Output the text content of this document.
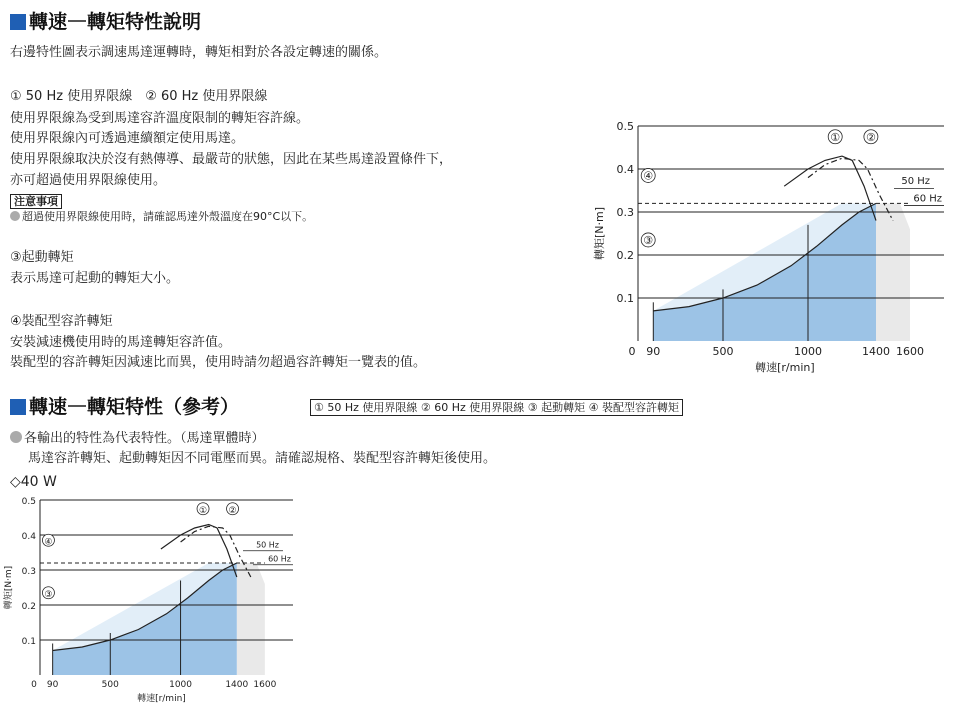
轉速 轉矩特性說明
右邊特性圖表示調速馬達運轉時，轉矩相對於各設定轉速的關係。
① 50 Hz 使用界限線　② 60 Hz 使用界限線
使用界限線為受到馬達容許溫度限制的轉矩容許線。
使用界限線內可透過連續額定使用馬達。
使用界限線取決於沒有熱傳導、最嚴苛的狀態，因此在某些馬達設置條件下，
亦可超過使用界限線使用。
注意事項
超過使用界限線使用時，請確認馬達外殼溫度在90°C以下。
③起動轉矩
表示馬達可起動的轉矩大小。
④裝配型容許轉矩
安裝減速機使用時的馬達轉矩容許值。
裝配型的容許轉矩因減速比而異，使用時請勿超過容許轉矩一覽表的值。
轉速 轉矩特性（參考）	① 50 Hz 使用界限線 ② 60 Hz 使用界限線 ③ 起動轉矩 ④ 裝配型容許轉矩
各輸出的特性為代表特性。（馬達單體時）
馬達容許轉矩、起動轉矩因不同電壓而異。請確認規格、裝配型容許轉矩後使用。
◇40 W
0.1
0.2
0.3
0.4
0.5
0 90	500	1000	1400 1600
轉速[r/min]
轉矩[N·m]
50 Hz
60 Hz
① ②
③
④
0.1
0.2
0.3
0.4
0.5
0 90	500	1000	1400 1600
轉速[r/min]
轉矩[N·m]
50 Hz
60 Hz
① ②
③
④
